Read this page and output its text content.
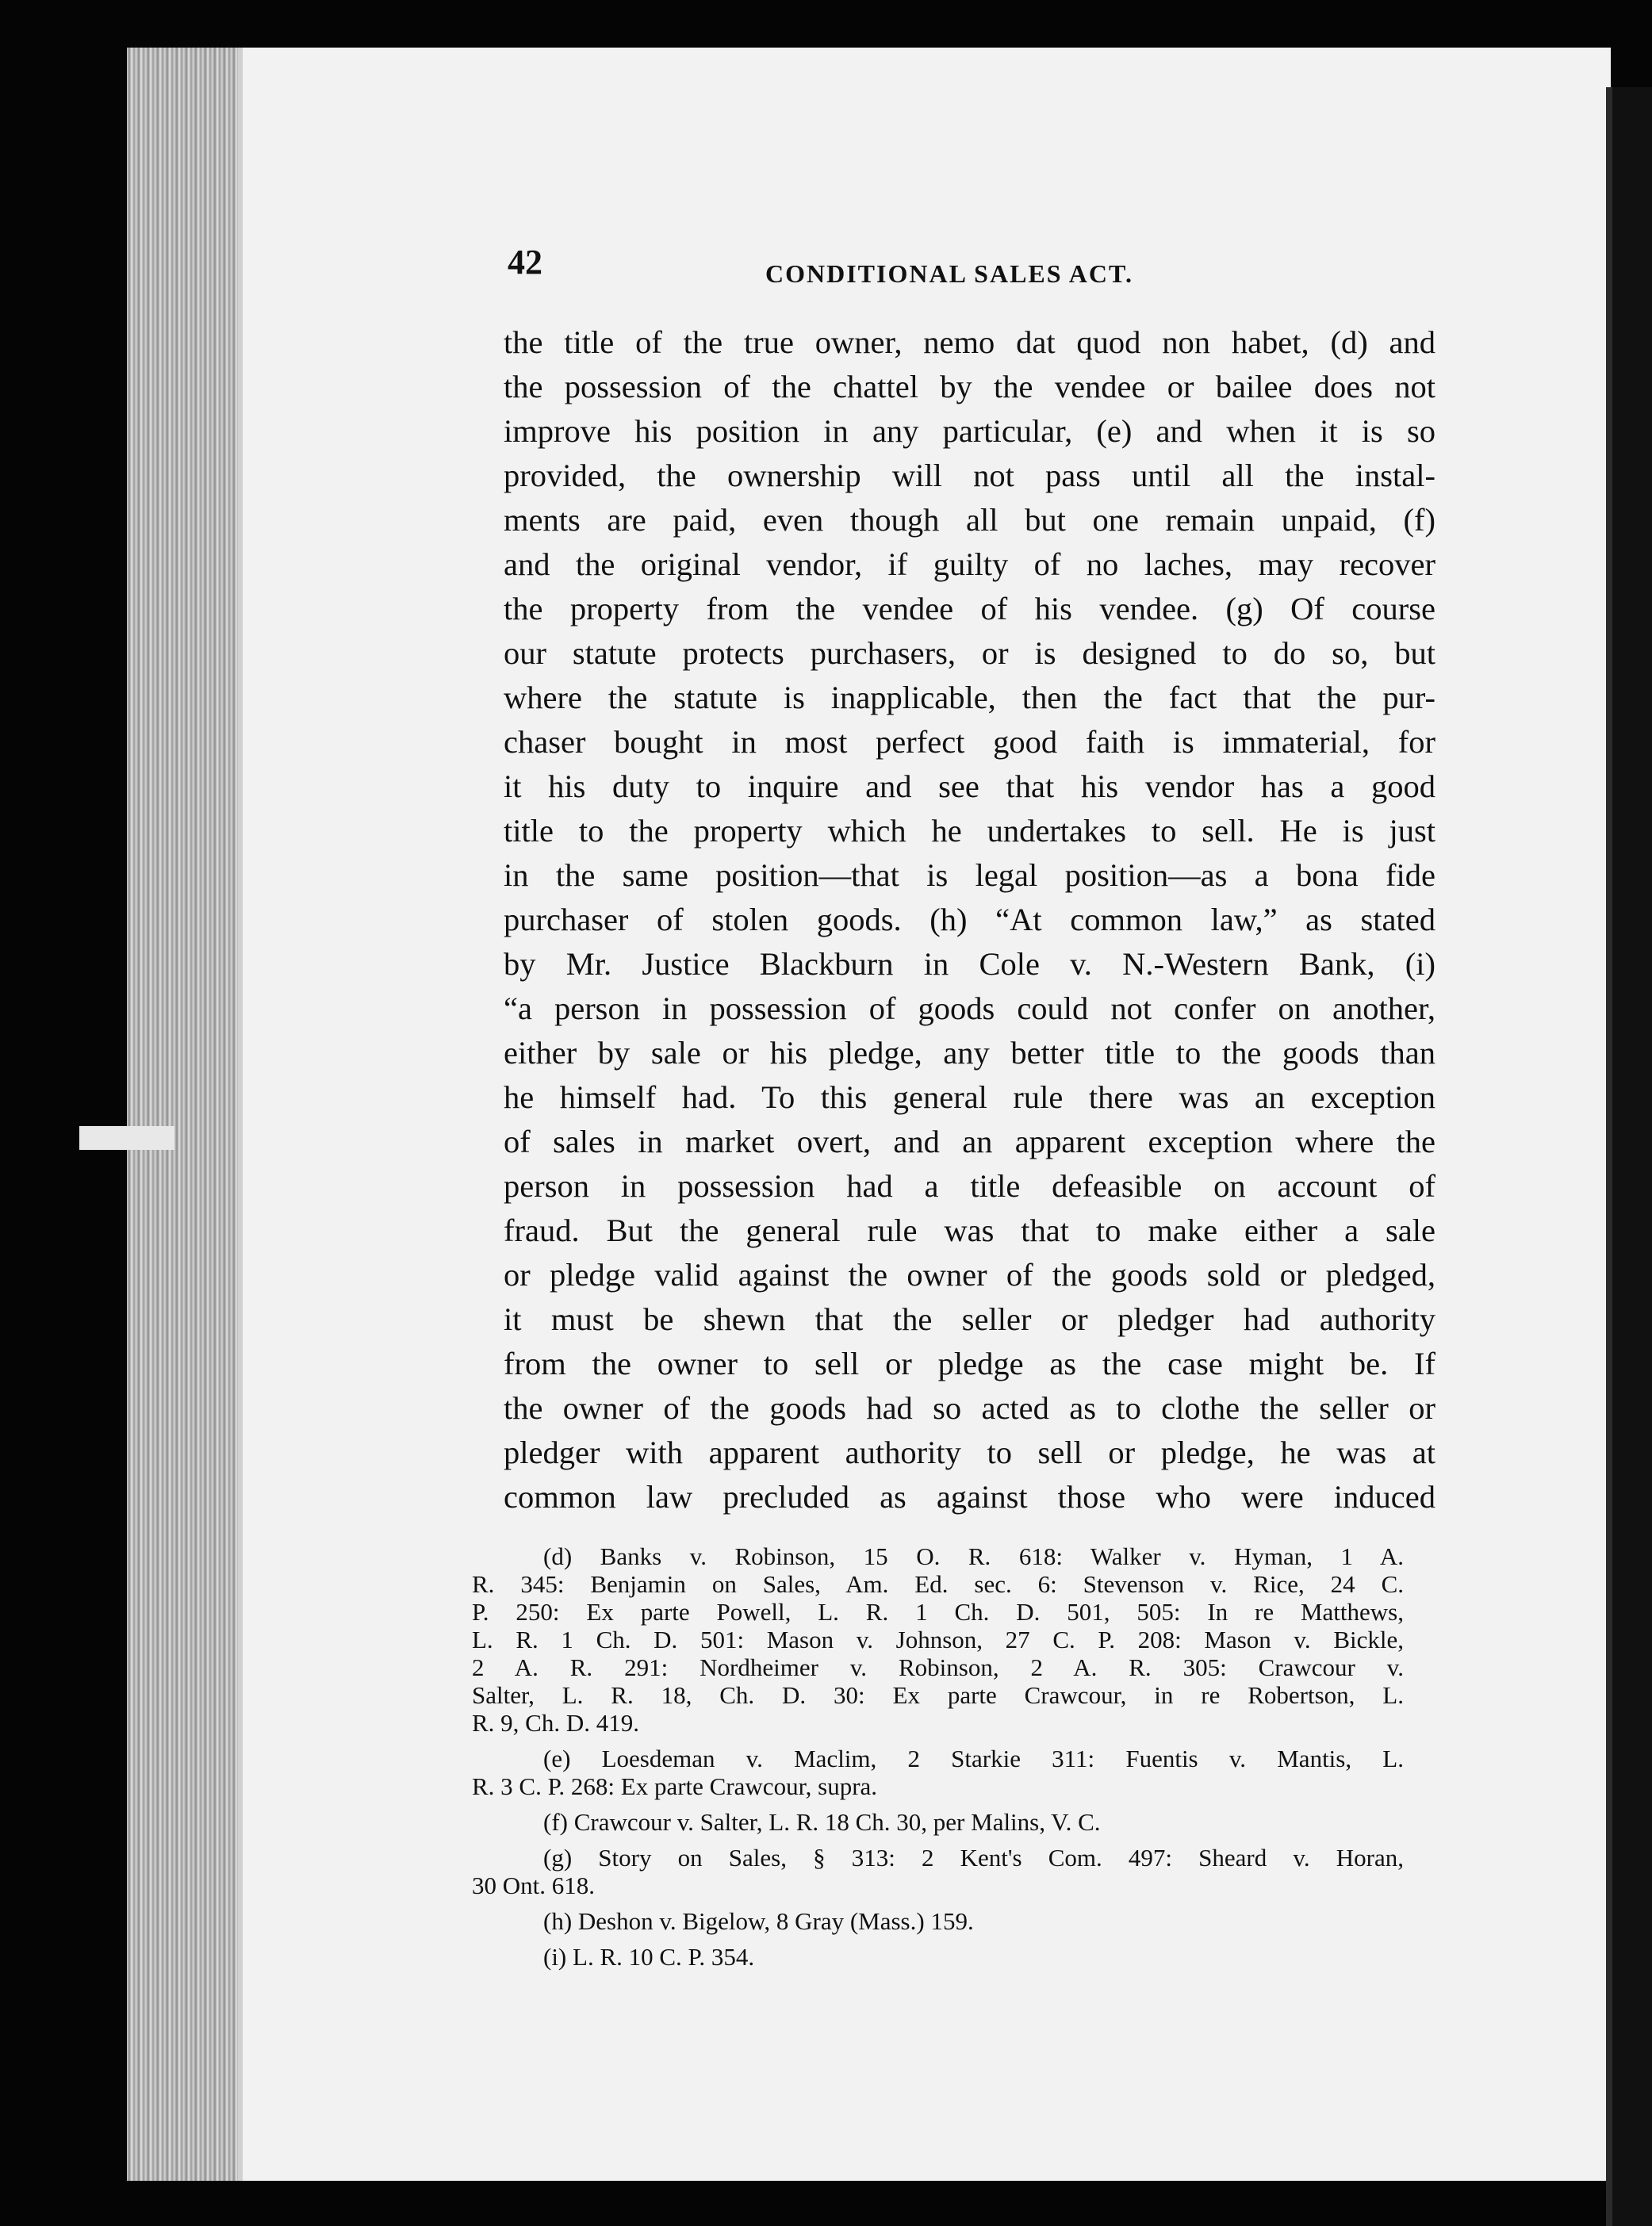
42	CONDITIONAL SALES ACT.
the title of the true owner, nemo dat quod non habet, (d) and
the possession of the chattel by the vendee or bailee does not
improve his position in any particular, (e) and when it is so
provided, the ownership will not pass until all the instal-
ments are paid, even though all but one remain unpaid, (f)
and the original vendor, if guilty of no laches, may recover
the property from the vendee of his vendee. (g) Of course
our statute protects purchasers, or is designed to do so, but
where the statute is inapplicable, then the fact that the pur-
chaser bought in most perfect good faith is immaterial, for
it his duty to inquire and see that his vendor has a good
title to the property which he undertakes to sell. He is just
in the same position—that is legal position—as a bona fide
purchaser of stolen goods. (h) “At common law,” as stated
by Mr. Justice Blackburn in Cole v. N.-Western Bank, (i)
“a person in possession of goods could not confer on another,
either by sale or his pledge, any better title to the goods than
he himself had. To this general rule there was an exception
of sales in market overt, and an apparent exception where the
person in possession had a title defeasible on account of
fraud. But the general rule was that to make either a sale
or pledge valid against the owner of the goods sold or pledged,
it must be shewn that the seller or pledger had authority
from the owner to sell or pledge as the case might be. If
the owner of the goods had so acted as to clothe the seller or
pledger with apparent authority to sell or pledge, he was at
common law precluded as against those who were induced
(d) Banks v. Robinson, 15 O. R. 618: Walker v. Hyman, 1 A.
R. 345: Benjamin on Sales, Am. Ed. sec. 6: Stevenson v. Rice, 24 C.
P. 250: Ex parte Powell, L. R. 1 Ch. D. 501, 505: In re Matthews,
L. R. 1 Ch. D. 501: Mason v. Johnson, 27 C. P. 208: Mason v. Bickle,
2 A. R. 291: Nordheimer v. Robinson, 2 A. R. 305: Crawcour v.
Salter, L. R. 18, Ch. D. 30: Ex parte Crawcour, in re Robertson, L.
R. 9, Ch. D. 419.
(e) Loesdeman v. Maclim, 2 Starkie 311: Fuentis v. Mantis, L.
R. 3 C. P. 268: Ex parte Crawcour, supra.
(f) Crawcour v. Salter, L. R. 18 Ch. 30, per Malins, V. C.
(g) Story on Sales, § 313: 2 Kent's Com. 497: Sheard v. Horan,
30 Ont. 618.
(h) Deshon v. Bigelow, 8 Gray (Mass.) 159.
(i) L. R. 10 C. P. 354.
